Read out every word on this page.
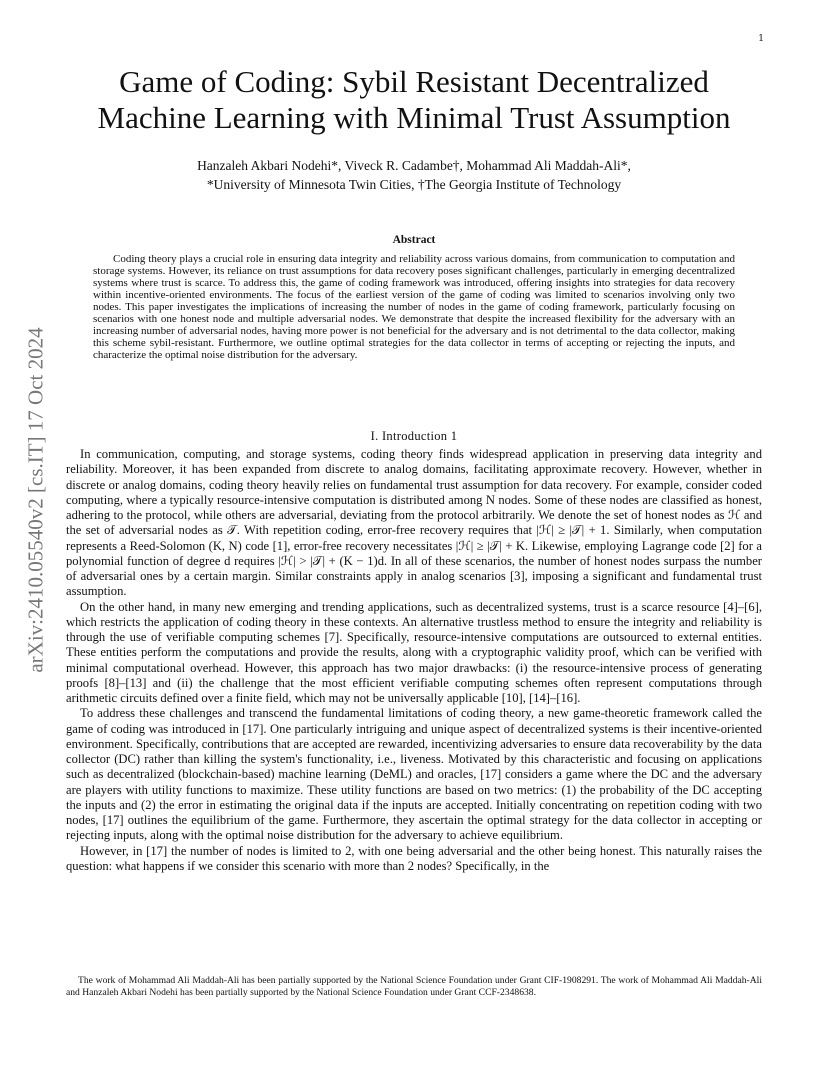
1
arXiv:2410.05540v2 [cs.IT] 17 Oct 2024
Game of Coding: Sybil Resistant Decentralized
Machine Learning with Minimal Trust Assumption
Hanzaleh Akbari Nodehi*, Viveck R. Cadambe†, Mohammad Ali Maddah-Ali*,
*University of Minnesota Twin Cities, †The Georgia Institute of Technology
Abstract

Coding theory plays a crucial role in ensuring data integrity and reliability across various domains, from communication to computation and storage systems. However, its reliance on trust assumptions for data recovery poses significant challenges, particularly in emerging decentralized systems where trust is scarce. To address this, the game of coding framework was introduced, offering insights into strategies for data recovery within incentive-oriented environments. The focus of the earliest version of the game of coding was limited to scenarios involving only two nodes. This paper investigates the implications of increasing the number of nodes in the game of coding framework, particularly focusing on scenarios with one honest node and multiple adversarial nodes. We demonstrate that despite the increased flexibility for the adversary with an increasing number of adversarial nodes, having more power is not beneficial for the adversary and is not detrimental to the data collector, making this scheme sybil-resistant. Furthermore, we outline optimal strategies for the data collector in terms of accepting or rejecting the inputs, and characterize the optimal noise distribution for the adversary.

I. Introduction 1

In communication, computing, and storage systems, coding theory finds widespread application in preserving data integrity and reliability. Moreover, it has been expanded from discrete to analog domains, facilitating approximate recovery. However, whether in discrete or analog domains, coding theory heavily relies on fundamental trust assumption for data recovery. For example, consider coded computing, where a typically resource-intensive computation is distributed among N nodes. Some of these nodes are classified as honest, adhering to the protocol, while others are adversarial, deviating from the protocol arbitrarily. We denote the set of honest nodes as ℋ and the set of adversarial nodes as 𝒯. With repetition coding, error-free recovery requires that |ℋ| ≥ |𝒯| + 1. Similarly, when computation represents a Reed-Solomon (K, N) code [1], error-free recovery necessitates |ℋ| ≥ |𝒯| + K. Likewise, employing Lagrange code [2] for a polynomial function of degree d requires |ℋ| > |𝒯| + (K − 1)d. In all of these scenarios, the number of honest nodes surpass the number of adversarial ones by a certain margin. Similar constraints apply in analog scenarios [3], imposing a significant and fundamental trust assumption.

On the other hand, in many new emerging and trending applications, such as decentralized systems, trust is a scarce resource [4]–[6], which restricts the application of coding theory in these contexts. An alternative trustless method to ensure the integrity and reliability is through the use of verifiable computing schemes [7]. Specifically, resource-intensive computations are outsourced to external entities. These entities perform the computations and provide the results, along with a cryptographic validity proof, which can be verified with minimal computational overhead. However, this approach has two major drawbacks: (i) the resource-intensive process of generating proofs [8]–[13] and (ii) the challenge that the most efficient verifiable computing schemes often represent computations through arithmetic circuits defined over a finite field, which may not be universally applicable [10], [14]–[16].

To address these challenges and transcend the fundamental limitations of coding theory, a new game-theoretic framework called the game of coding was introduced in [17]. One particularly intriguing and unique aspect of decentralized systems is their incentive-oriented environment. Specifically, contributions that are accepted are rewarded, incentivizing adversaries to ensure data recoverability by the data collector (DC) rather than killing the system's functionality, i.e., liveness. Motivated by this characteristic and focusing on applications such as decentralized (blockchain-based) machine learning (DeML) and oracles, [17] considers a game where the DC and the adversary are players with utility functions to maximize. These utility functions are based on two metrics: (1) the probability of the DC accepting the inputs and (2) the error in estimating the original data if the inputs are accepted. Initially concentrating on repetition coding with two nodes, [17] outlines the equilibrium of the game. Furthermore, they ascertain the optimal strategy for the data collector in accepting or rejecting inputs, along with the optimal noise distribution for the adversary to achieve equilibrium.

However, in [17] the number of nodes is limited to 2, with one being adversarial and the other being honest. This naturally raises the question: what happens if we consider this scenario with more than 2 nodes? Specifically, in the

The work of Mohammad Ali Maddah-Ali has been partially supported by the National Science Foundation under Grant CIF-1908291. The work of Mohammad Ali Maddah-Ali and Hanzaleh Akbari Nodehi has been partially supported by the National Science Foundation under Grant CCF-2348638.
